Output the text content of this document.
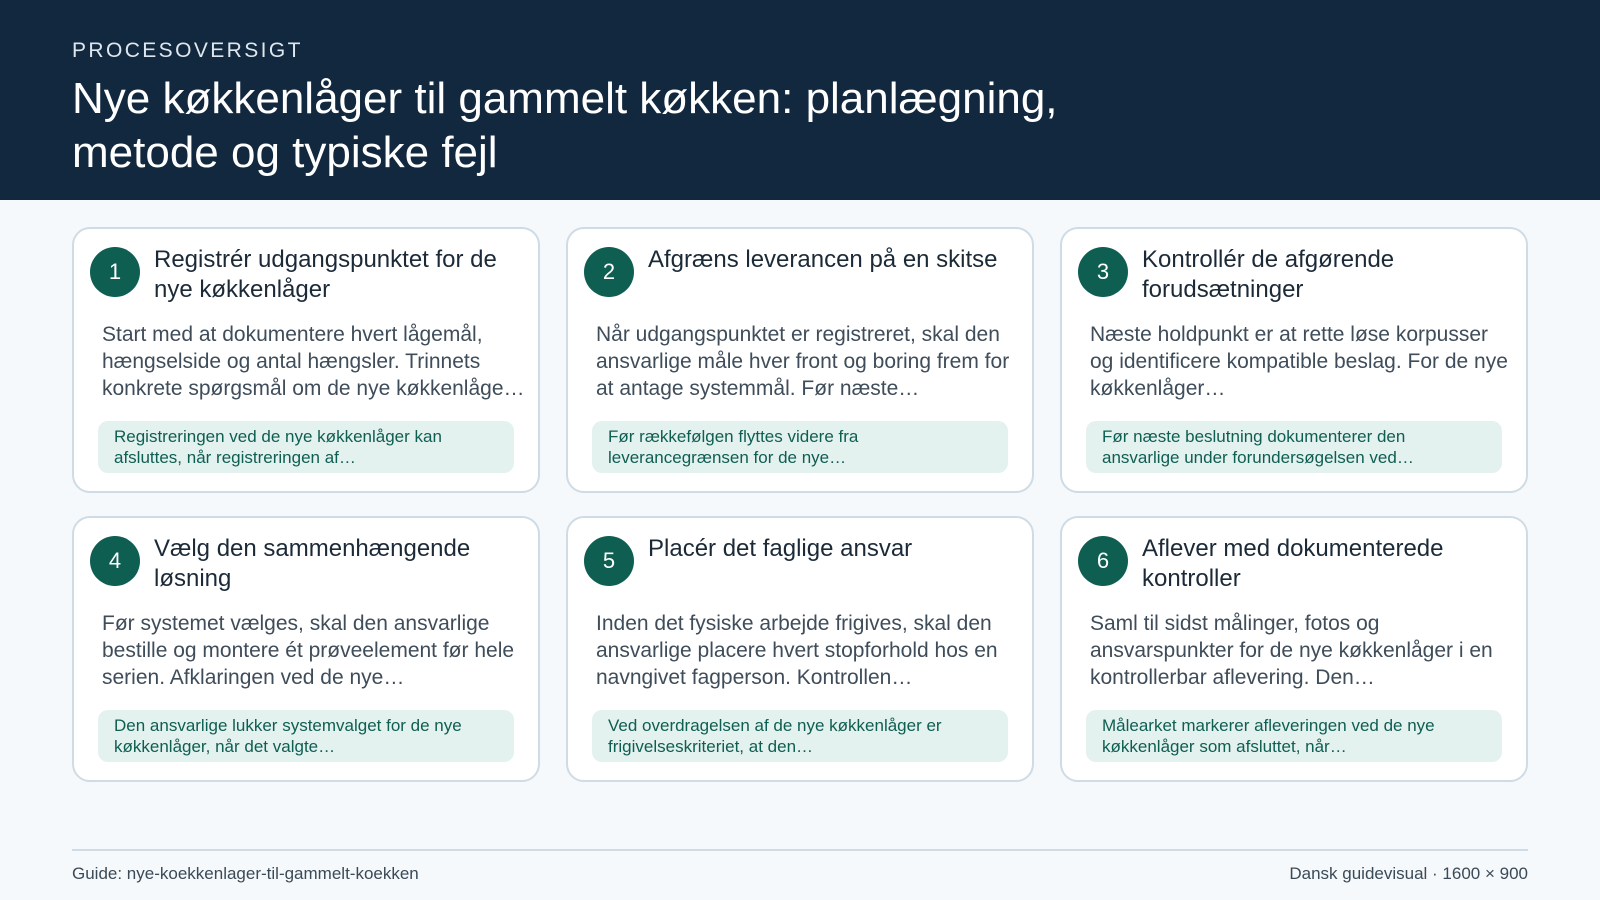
PROCESOVERSIGT
Nye køkkenlåger til gammelt køkken: planlægning, metode og typiske fejl
1	Registrér udgangspunktet for de nye køkkenlåger
Start med at dokumentere hvert lågemål, hængselside og antal hængsler. Trinnets konkrete spørgsmål om de nye køkkenlåge…
Registreringen ved de nye køkkenlåger kan afsluttes, når registreringen af…
2	Afgræns leverancen på en skitse
Når udgangspunktet er registreret, skal den ansvarlige måle hver front og boring frem for at antage systemmål. Før næste…
Før rækkefølgen flyttes videre fra leverancegrænsen for de nye…
3	Kontrollér de afgørende forudsætninger
Næste holdpunkt er at rette løse korpusser og identificere kompatible beslag. For de nye køkkenlåger…
Før næste beslutning dokumenterer den ansvarlige under forundersøgelsen ved…
4	Vælg den sammenhængende løsning
Før systemet vælges, skal den ansvarlige bestille og montere ét prøveelement før hele serien. Afklaringen ved de nye…
Den ansvarlige lukker systemvalget for de nye køkkenlåger, når det valgte…
5	Placér det faglige ansvar
Inden det fysiske arbejde frigives, skal den ansvarlige placere hvert stopforhold hos en navngivet fagperson. Kontrollen…
Ved overdragelsen af de nye køkkenlåger er frigivelseskriteriet, at den…
6	Aflever med dokumenterede kontroller
Saml til sidst målinger, fotos og ansvarspunkter for de nye køkkenlåger i en kontrollerbar aflevering. Den…
Målearket markerer afleveringen ved de nye køkkenlåger som afsluttet, når…
Guide: nye-koekkenlager-til-gammelt-koekken	Dansk guidevisual · 1600 × 900
